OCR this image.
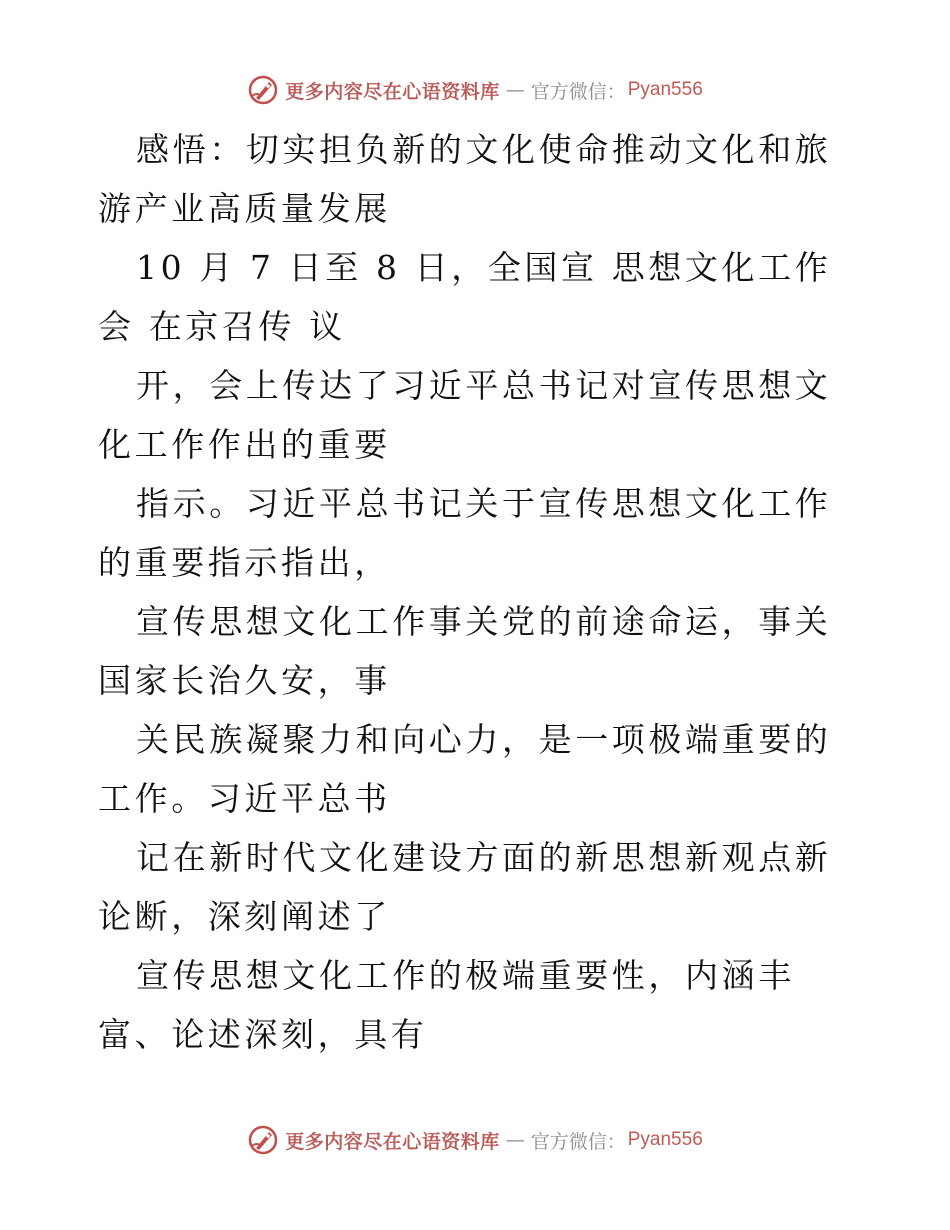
更多内容尽在心语资料库 — 官方微信： Pyan556

感悟：切实担负新的文化使命推动文化和旅游产业高质量发展

10 月 7 日至 8 日，全国宣 思想文化工作会 在京召传 议

开，会上传达了习近平总书记对宣传思想文化工作作出的重要

指示。习近平总书记关于宣传思想文化工作的重要指示指出，

宣传思想文化工作事关党的前途命运，事关国家长治久安，事

关民族凝聚力和向心力，是一项极端重要的工作。习近平总书

记在新时代文化建设方面的新思想新观点新论断，深刻阐述了

宣传思想文化工作的极端重要性，内涵丰富、论述深刻，具有

更多内容尽在心语资料库 — 官方微信： Pyan556
